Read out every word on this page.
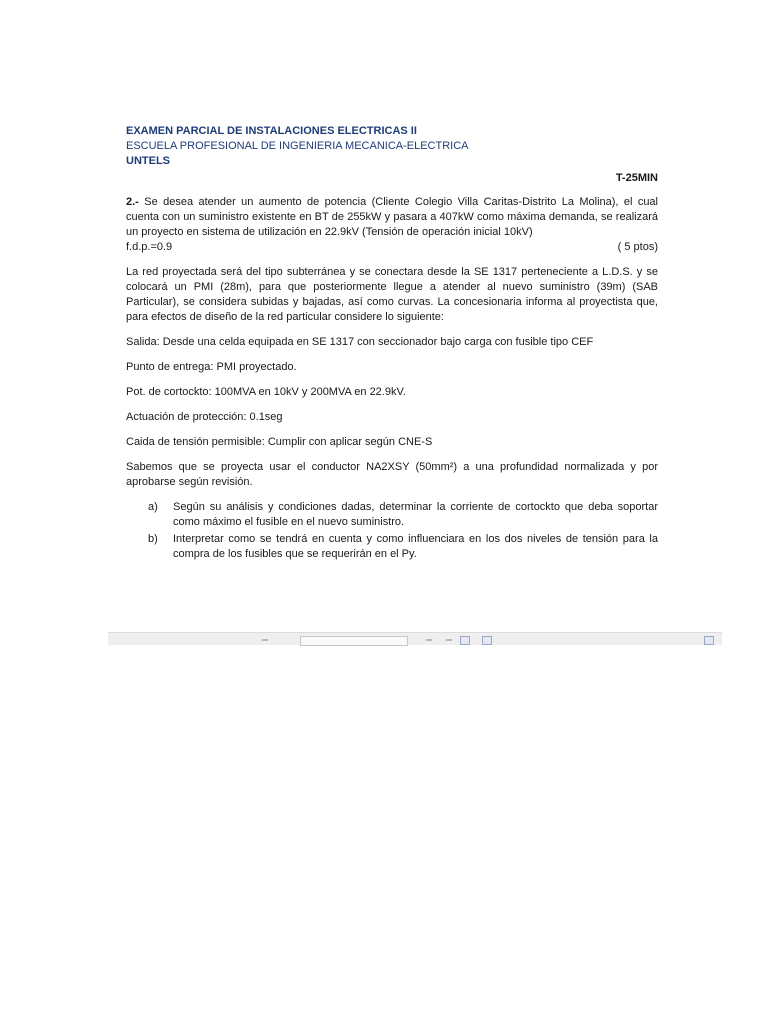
EXAMEN PARCIAL DE INSTALACIONES ELECTRICAS II
ESCUELA PROFESIONAL DE INGENIERIA MECANICA-ELECTRICA
UNTELS
T-25MIN

2.- Se desea atender un aumento de potencia (Cliente Colegio Villa Caritas-Distrito La Molina), el cual cuenta con un suministro existente en BT de 255kW y pasara a 407kW como máxima demanda, se realizará un proyecto en sistema de utilización en 22.9kV (Tensión de operación inicial 10kV)

f.d.p.=0.9	( 5 ptos)

La red proyectada será del tipo subterránea y se conectara desde la SE 1317 perteneciente a L.D.S. y se colocará un PMI (28m), para que posteriormente llegue a atender al nuevo suministro (39m) (SAB Particular), se considera subidas y bajadas, así como curvas. La concesionaria informa al proyectista que, para efectos de diseño de la red particular considere lo siguiente:

Salida: Desde una celda equipada en SE 1317 con seccionador bajo carga con fusible tipo CEF

Punto de entrega: PMI proyectado.

Pot. de cortockto: 100MVA en 10kV y 200MVA en 22.9kV.

Actuación de protección: 0.1seg

Caida de tensión permisible: Cumplir con aplicar según CNE-S

Sabemos que se proyecta usar el conductor NA2XSY (50mm²) a una profundidad normalizada y por aprobarse según revisión.

a)	Según su análisis y condiciones dadas, determinar la corriente de cortockto que deba soportar como máximo el fusible en el nuevo suministro.
b)	Interpretar como se tendrá en cuenta y como influenciara en los dos niveles de tensión para la compra de los fusibles que se requerirán en el Py.
